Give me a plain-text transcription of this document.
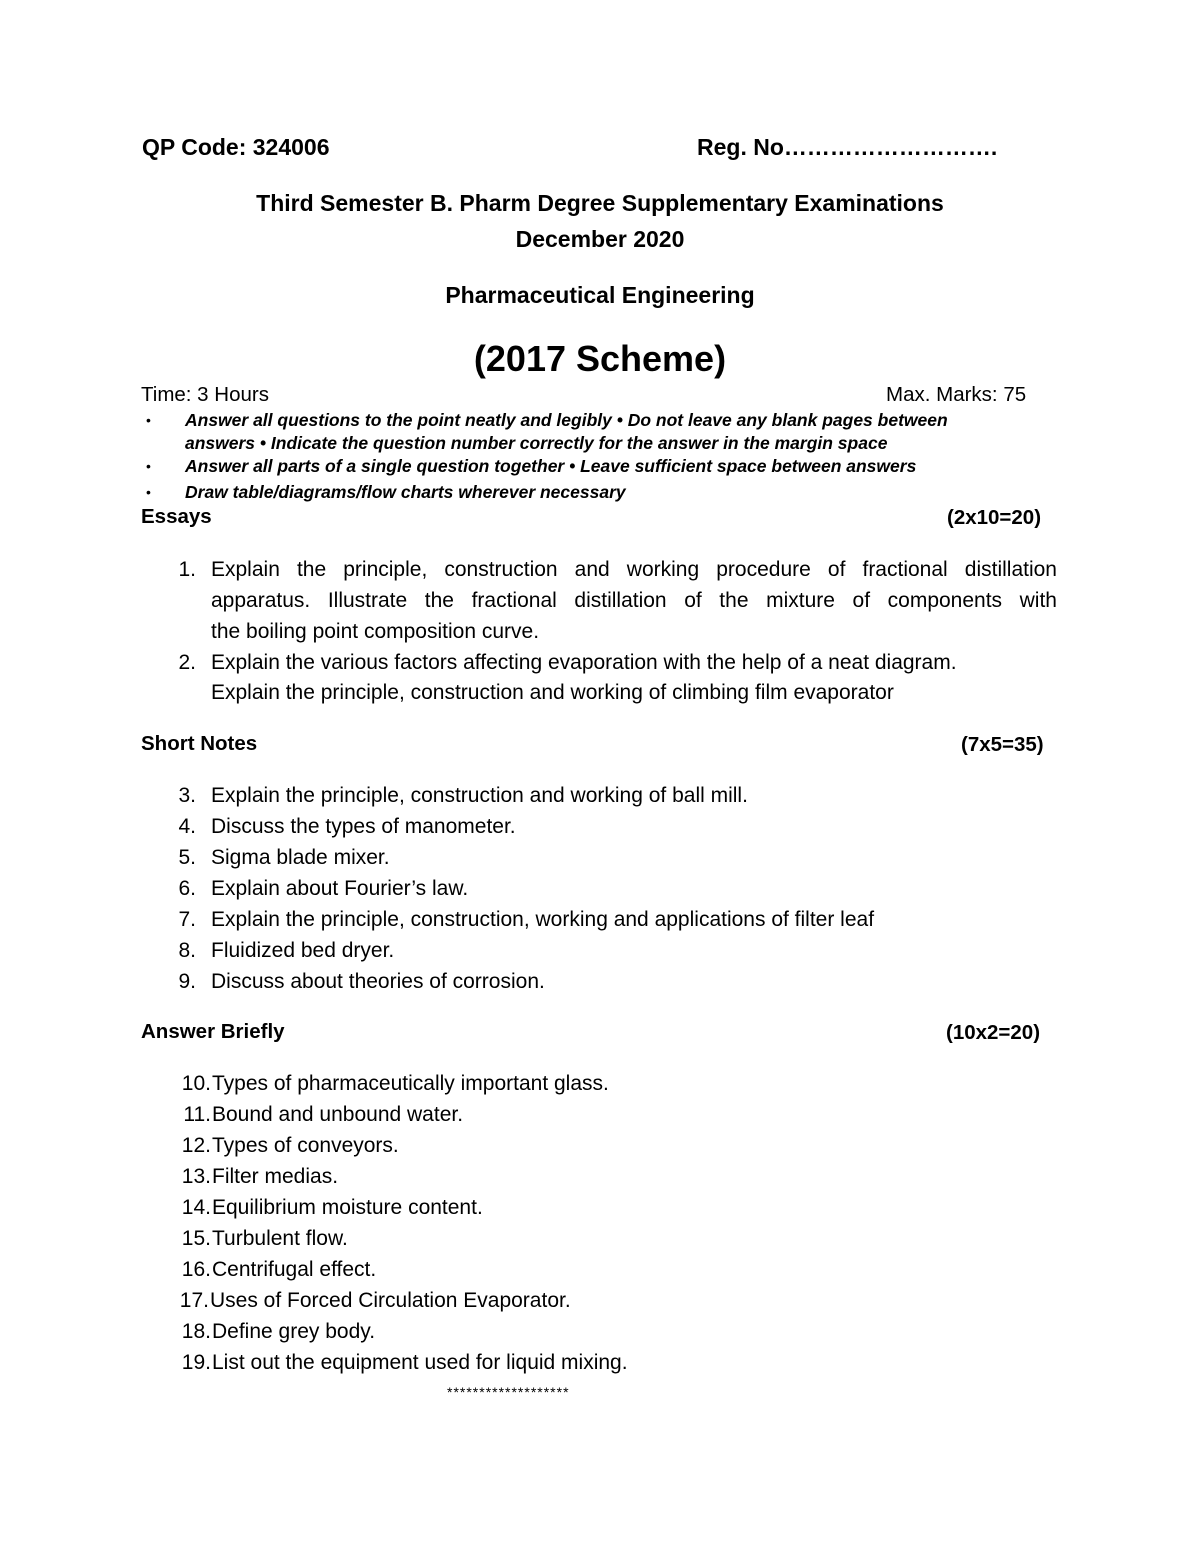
QP Code: 324006	Reg. No……………………….
Third Semester B. Pharm Degree Supplementary Examinations
December 2020
Pharmaceutical Engineering
(2017 Scheme)
Time: 3 Hours	Max. Marks: 75
• Answer all questions to the point neatly and legibly • Do not leave any blank pages between
answers • Indicate the question number correctly for the answer in the margin space
• Answer all parts of a single question together • Leave sufficient space between answers
• Draw table/diagrams/flow charts wherever necessary
Essays	(2x10=20)
1. Explain the principle, construction and working procedure of fractional distillation
apparatus. Illustrate the fractional distillation of the mixture of components with
the boiling point composition curve.
2. Explain the various factors affecting evaporation with the help of a neat diagram.
Explain the principle, construction and working of climbing film evaporator
Short Notes	(7x5=35)
3. Explain the principle, construction and working of ball mill.
4. Discuss the types of manometer.
5. Sigma blade mixer.
6. Explain about Fourier’s law.
7. Explain the principle, construction, working and applications of filter leaf
8. Fluidized bed dryer.
9. Discuss about theories of corrosion.
Answer Briefly	(10x2=20)
10. Types of pharmaceutically important glass.
11. Bound and unbound water.
12. Types of conveyors.
13. Filter medias.
14. Equilibrium moisture content.
15. Turbulent flow.
16. Centrifugal effect.
17. Uses of Forced Circulation Evaporator.
18. Define grey body.
19. List out the equipment used for liquid mixing.
*******************
